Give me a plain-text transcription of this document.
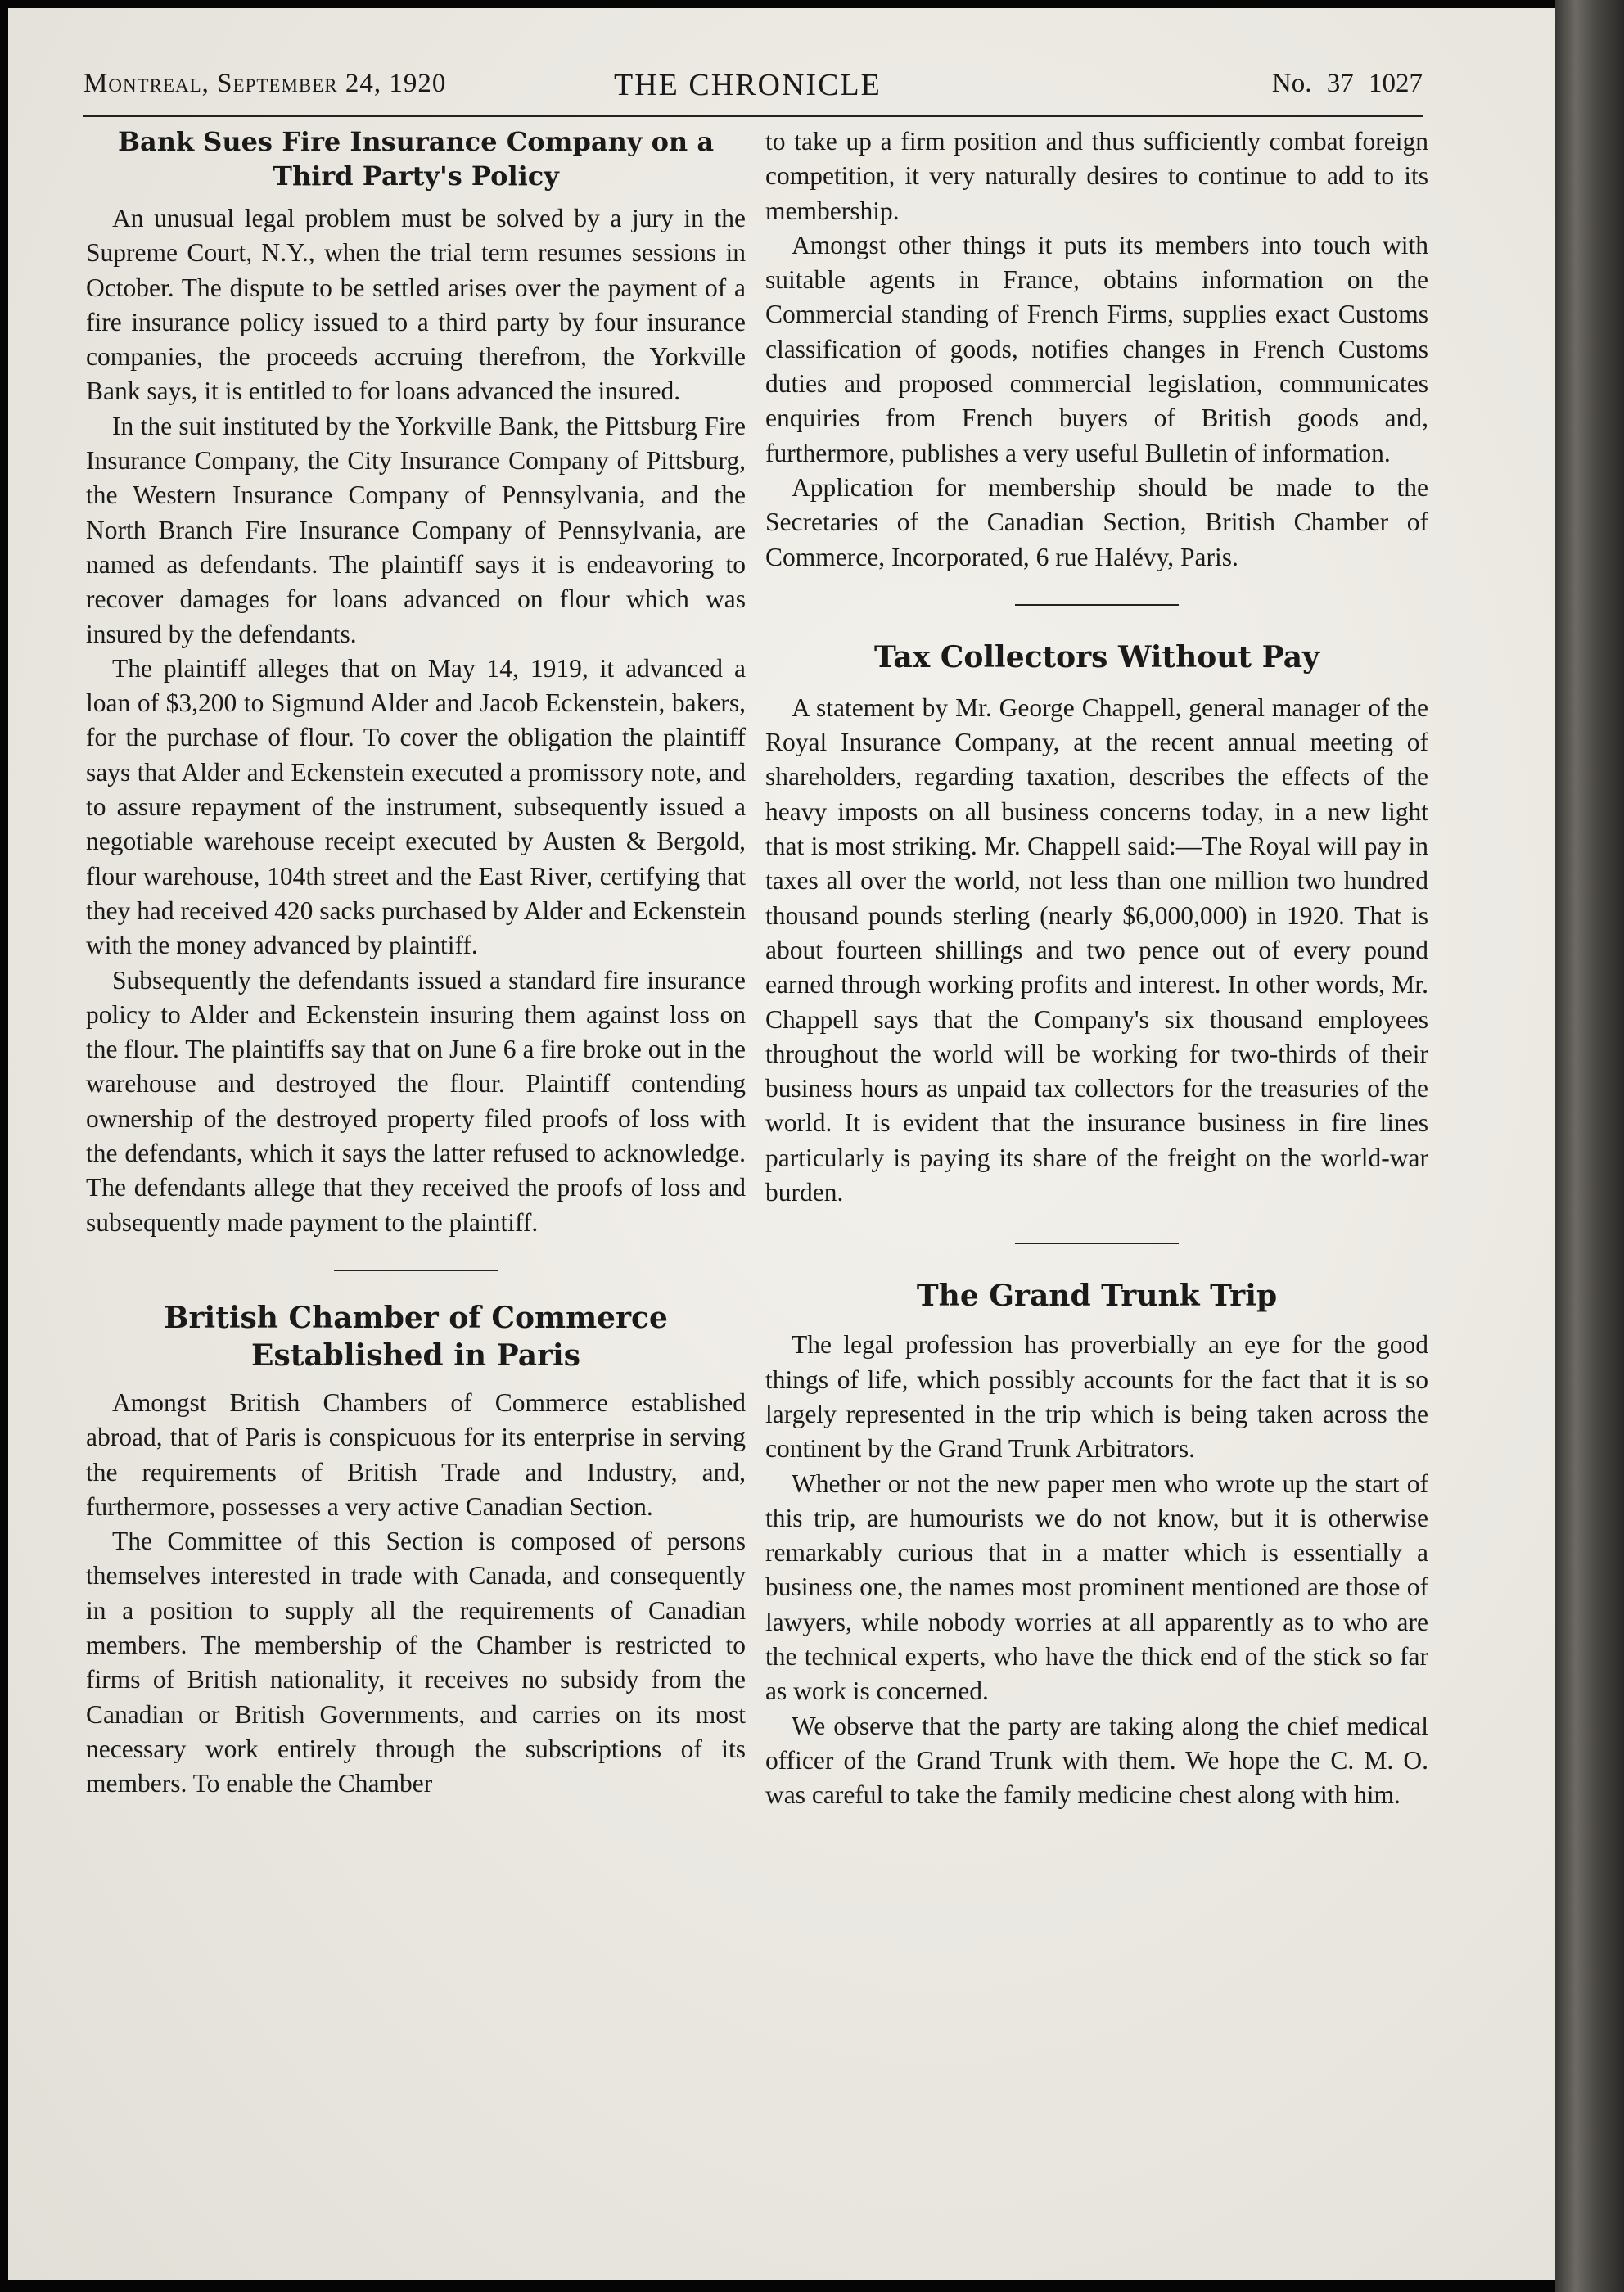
Montreal, September 24, 1920	THE CHRONICLE	No. 37 1027
Bank Sues Fire Insurance Company on a
Third Party's Policy

An unusual legal problem must be solved by a jury in the Supreme Court, N.Y., when the trial term resumes sessions in October. The dispute to be settled arises over the payment of a fire insurance policy issued to a third party by four insurance companies, the proceeds accruing therefrom, the Yorkville Bank says, it is entitled to for loans advanced the insured.

In the suit instituted by the Yorkville Bank, the Pittsburg Fire Insurance Company, the City Insurance Company of Pittsburg, the Western Insurance Company of Pennsylvania, and the North Branch Fire Insurance Company of Pennsylvania, are named as defendants. The plaintiff says it is endeavoring to recover damages for loans advanced on flour which was insured by the defendants.

The plaintiff alleges that on May 14, 1919, it advanced a loan of $3,200 to Sigmund Alder and Jacob Eckenstein, bakers, for the purchase of flour. To cover the obligation the plaintiff says that Alder and Eckenstein executed a promissory note, and to assure repayment of the instrument, subsequently issued a negotiable warehouse receipt executed by Austen & Bergold, flour warehouse, 104th street and the East River, certifying that they had received 420 sacks purchased by Alder and Eckenstein with the money advanced by plaintiff.

Subsequently the defendants issued a standard fire insurance policy to Alder and Eckenstein insuring them against loss on the flour. The plaintiffs say that on June 6 a fire broke out in the warehouse and destroyed the flour. Plaintiff contending ownership of the destroyed property filed proofs of loss with the defendants, which it says the latter refused to acknowledge. The defendants allege that they received the proofs of loss and subsequently made payment to the plaintiff.

British Chamber of Commerce
Established in Paris

Amongst British Chambers of Commerce established abroad, that of Paris is conspicuous for its enterprise in serving the requirements of British Trade and Industry, and, furthermore, possesses a very active Canadian Section.

The Committee of this Section is composed of persons themselves interested in trade with Canada, and consequently in a position to supply all the requirements of Canadian members. The membership of the Chamber is restricted to firms of British nationality, it receives no subsidy from the Canadian or British Governments, and carries on its most necessary work entirely through the subscriptions of its members. To enable the Chamber

to take up a firm position and thus sufficiently combat foreign competition, it very naturally desires to continue to add to its membership.

Amongst other things it puts its members into touch with suitable agents in France, obtains information on the Commercial standing of French Firms, supplies exact Customs classification of goods, notifies changes in French Customs duties and proposed commercial legislation, communicates enquiries from French buyers of British goods and, furthermore, publishes a very useful Bulletin of information.

Application for membership should be made to the Secretaries of the Canadian Section, British Chamber of Commerce, Incorporated, 6 rue Halévy, Paris.

Tax Collectors Without Pay

A statement by Mr. George Chappell, general manager of the Royal Insurance Company, at the recent annual meeting of shareholders, regarding taxation, describes the effects of the heavy imposts on all business concerns today, in a new light that is most striking. Mr. Chappell said:—The Royal will pay in taxes all over the world, not less than one million two hundred thousand pounds sterling (nearly $6,000,000) in 1920. That is about fourteen shillings and two pence out of every pound earned through working profits and interest. In other words, Mr. Chappell says that the Company's six thousand employees throughout the world will be working for two-thirds of their business hours as unpaid tax collectors for the treasuries of the world. It is evident that the insurance business in fire lines particularly is paying its share of the freight on the world-war burden.

The Grand Trunk Trip

The legal profession has proverbially an eye for the good things of life, which possibly accounts for the fact that it is so largely represented in the trip which is being taken across the continent by the Grand Trunk Arbitrators.

Whether or not the new paper men who wrote up the start of this trip, are humourists we do not know, but it is otherwise remarkably curious that in a matter which is essentially a business one, the names most prominent mentioned are those of lawyers, while nobody worries at all apparently as to who are the technical experts, who have the thick end of the stick so far as work is concerned.

We observe that the party are taking along the chief medical officer of the Grand Trunk with them. We hope the C. M. O. was careful to take the family medicine chest along with him.
